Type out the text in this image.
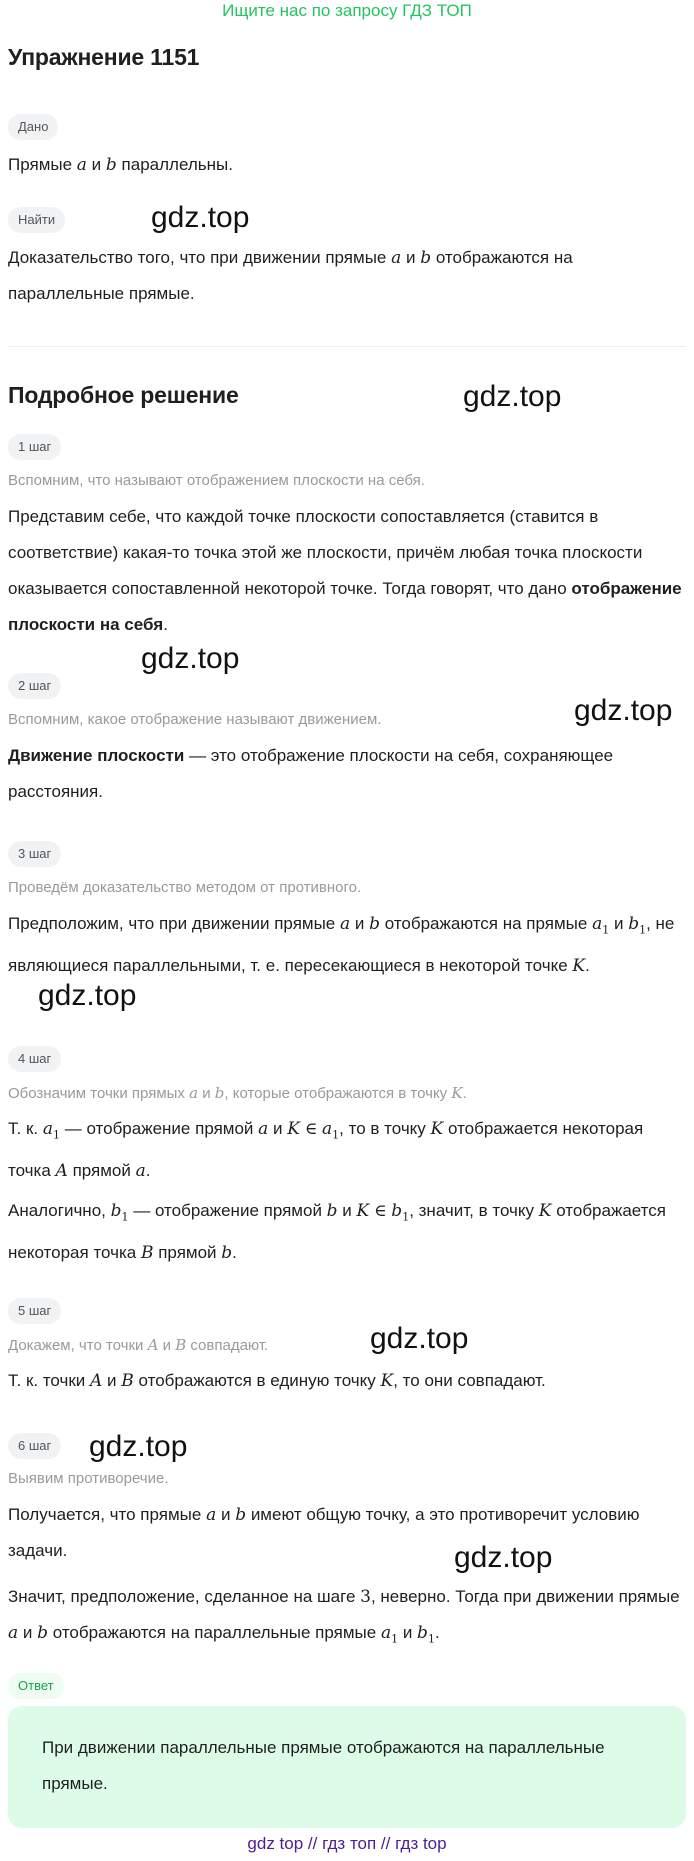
Ищите нас по запросу ГДЗ ТОП
Упражнение 1151
Дано
Прямые a и b параллельны.
Найти
Доказательство того, что при движении прямые a и b отображаются на параллельные прямые.
Подробное решение
1 шаг
Вспомним, что называют отображением плоскости на себя.
Представим себе, что каждой точке плоскости сопоставляется (ставится в соответствие) какая-то точка этой же плоскости, причём любая точка плоскости оказывается сопоставленной некоторой точке. Тогда говорят, что дано отображение плоскости на себя.
2 шаг
Вспомним, какое отображение называют движением.
Движение плоскости — это отображение плоскости на себя, сохраняющее расстояния.
3 шаг
Проведём доказательство методом от противного.
Предположим, что при движении прямые a и b отображаются на прямые $a_1$ и $b_1$, не являющиеся параллельными, т. е. пересекающиеся в некоторой точке K.
4 шаг
Обозначим точки прямых a и b, которые отображаются в точку K.
Т. к. $a_1$ — отображение прямой a и K ∈ $a_1$, то в точку K отображается некоторая точка A прямой a.
Аналогично, $b_1$ — отображение прямой b и K ∈ $b_1$, значит, в точку K отображается некоторая точка B прямой b.
5 шаг
Докажем, что точки A и B совпадают.
Т. к. точки A и B отображаются в единую точку K, то они совпадают.
6 шаг
Выявим противоречие.
Получается, что прямые a и b имеют общую точку, а это противоречит условию задачи.
Значит, предположение, сделанное на шаге 3, неверно. Тогда при движении прямые a и b отображаются на параллельные прямые $a_1$ и $b_1$.
Ответ
При движении параллельные прямые отображаются на параллельные прямые.
gdz.top
gdz.top
gdz.top
gdz.top
gdz.top
gdz.top
gdz.top
gdz.top
gdz top // гдз топ // гдз top
